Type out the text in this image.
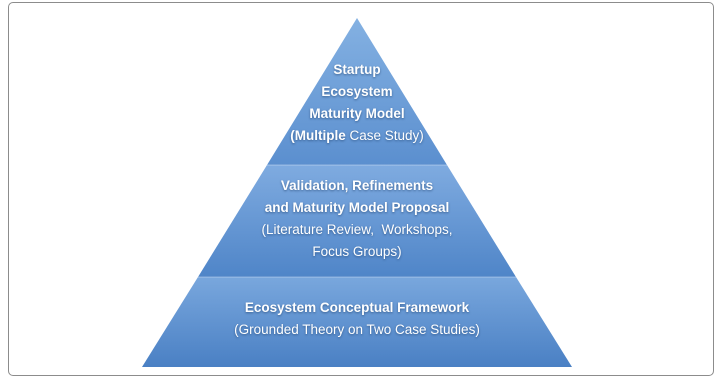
Startup
Ecosystem
Maturity Model
(Multiple Case Study)
Validation, Refinements
and Maturity Model Proposal
(Literature Review,  Workshops,
Focus Groups)
Ecosystem Conceptual Framework
(Grounded Theory on Two Case Studies)
